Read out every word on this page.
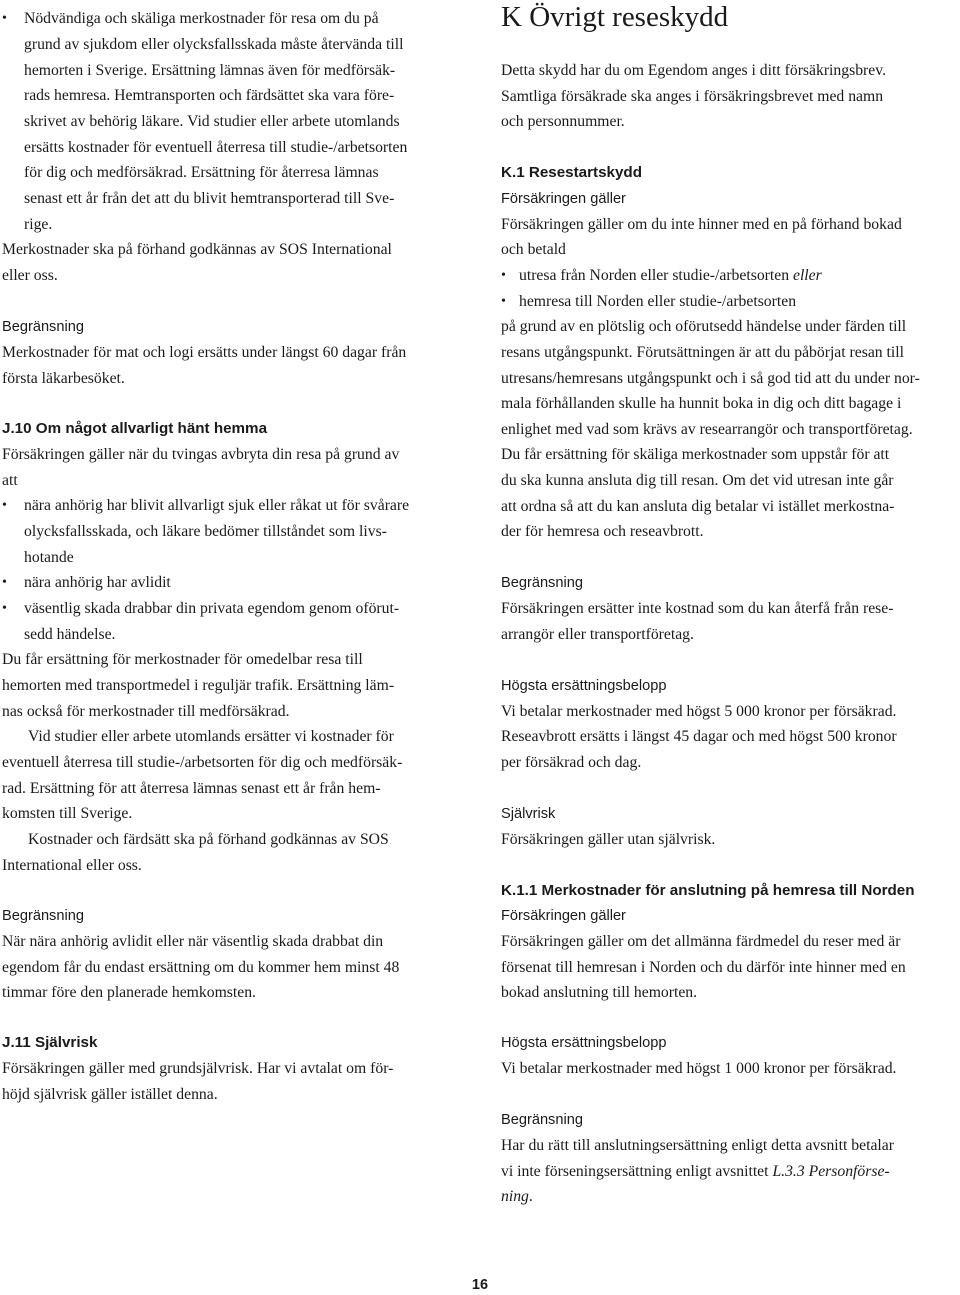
• Nödvändiga och skäliga merkostnader för resa om du på
grund av sjukdom eller olycksfallsskada måste återvända till
hemorten i Sverige. Ersättning lämnas även för medförsäk-
rads hemresa. Hemtransporten och färdsättet ska vara före-
skrivet av behörig läkare. Vid studier eller arbete utomlands
ersätts kostnader för eventuell återresa till studie-/arbetsorten
för dig och medförsäkrad. Ersättning för återresa lämnas
senast ett år från det att du blivit hemtransporterad till Sve-
rige.
Merkostnader ska på förhand godkännas av SOS International
eller oss.
Begränsning
Merkostnader för mat och logi ersätts under längst 60 dagar från
första läkarbesöket.
J.10 Om något allvarligt hänt hemma
Försäkringen gäller när du tvingas avbryta din resa på grund av
att
• nära anhörig har blivit allvarligt sjuk eller råkat ut för svårare
olycksfallsskada, och läkare bedömer tillståndet som livs-
hotande
• nära anhörig har avlidit
• väsentlig skada drabbar din privata egendom genom oförut-
sedd händelse.
Du får ersättning för merkostnader för omedelbar resa till
hemorten med transportmedel i reguljär trafik. Ersättning läm-
nas också för merkostnader till medförsäkrad.
Vid studier eller arbete utomlands ersätter vi kostnader för
eventuell återresa till studie-/arbetsorten för dig och medförsäk-
rad. Ersättning för att återresa lämnas senast ett år från hem-
komsten till Sverige.
Kostnader och färdsätt ska på förhand godkännas av SOS
International eller oss.
Begränsning
När nära anhörig avlidit eller när väsentlig skada drabbat din
egendom får du endast ersättning om du kommer hem minst 48
timmar före den planerade hemkomsten.
J.11 Självrisk
Försäkringen gäller med grundsjälvrisk. Har vi avtalat om för-
höjd självrisk gäller istället denna.
K Övrigt reseskydd
Detta skydd har du om Egendom anges i ditt försäkringsbrev.
Samtliga försäkrade ska anges i försäkringsbrevet med namn
och personnummer.
K.1 Resestartskydd
Försäkringen gäller
Försäkringen gäller om du inte hinner med en på förhand bokad
och betald
• utresa från Norden eller studie-/arbetsorten eller
• hemresa till Norden eller studie-/arbetsorten
på grund av en plötslig och oförutsedd händelse under färden till
resans utgångspunkt. Förutsättningen är att du påbörjat resan till
utresans/hemresans utgångspunkt och i så god tid att du under nor-
mala förhållanden skulle ha hunnit boka in dig och ditt bagage i
enlighet med vad som krävs av researrangör och transportföretag.
Du får ersättning för skäliga merkostnader som uppstår för att
du ska kunna ansluta dig till resan. Om det vid utresan inte går
att ordna så att du kan ansluta dig betalar vi istället merkostna-
der för hemresa och reseavbrott.
Begränsning
Försäkringen ersätter inte kostnad som du kan återfå från rese-
arrangör eller transportföretag.
Högsta ersättningsbelopp
Vi betalar merkostnader med högst 5 000 kronor per försäkrad.
Reseavbrott ersätts i längst 45 dagar och med högst 500 kronor
per försäkrad och dag.
Självrisk
Försäkringen gäller utan självrisk.
K.1.1 Merkostnader för anslutning på hemresa till Norden
Försäkringen gäller
Försäkringen gäller om det allmänna färdmedel du reser med är
försenat till hemresan i Norden och du därför inte hinner med en
bokad anslutning till hemorten.
Högsta ersättningsbelopp
Vi betalar merkostnader med högst 1 000 kronor per försäkrad.
Begränsning
Har du rätt till anslutningsersättning enligt detta avsnitt betalar
vi inte förseningsersättning enligt avsnittet L.3.3 Personförse-
ning.
16
